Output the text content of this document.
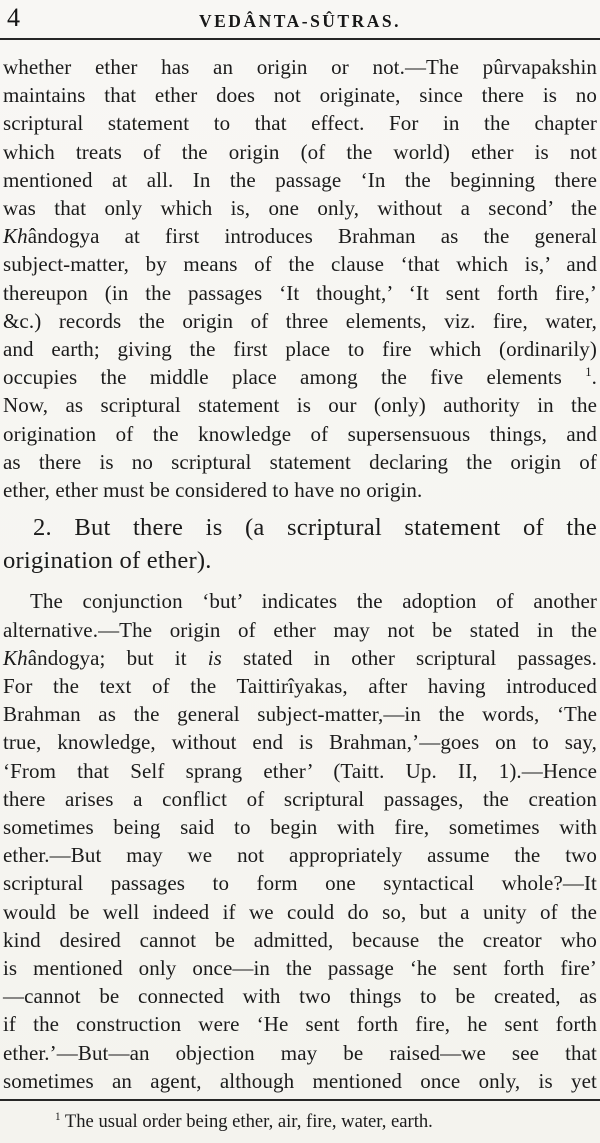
4	VEDÂNTA-SÛTRAS.
whether ether has an origin or not.—The pûrvapakshin
maintains that ether does not originate, since there is no
scriptural statement to that effect. For in the chapter
which treats of the origin (of the world) ether is not
mentioned at all. In the passage ‘In the beginning there
was that only which is, one only, without a second’ the
Khândogya at first introduces Brahman as the general
subject-matter, by means of the clause ‘that which is,’ and
thereupon (in the passages ‘It thought,’ ‘It sent forth fire,’
&c.) records the origin of three elements, viz. fire, water,
and earth; giving the first place to fire which (ordinarily)
occupies the middle place among the five elements $^1$.
Now, as scriptural statement is our (only) authority in the
origination of the knowledge of supersensuous things, and
as there is no scriptural statement declaring the origin of
ether, ether must be considered to have no origin.
2. But there is (a scriptural statement of the
origination of ether).
The conjunction ‘but’ indicates the adoption of another
alternative.—The origin of ether may not be stated in the
Khândogya; but it is stated in other scriptural passages.
For the text of the Taittirîyakas, after having introduced
Brahman as the general subject-matter,—in the words, ‘The
true, knowledge, without end is Brahman,’—goes on to say,
‘From that Self sprang ether’ (Taitt. Up. II, 1).—Hence
there arises a conflict of scriptural passages, the creation
sometimes being said to begin with fire, sometimes with
ether.—But may we not appropriately assume the two
scriptural passages to form one syntactical whole?—It
would be well indeed if we could do so, but a unity of the
kind desired cannot be admitted, because the creator who
is mentioned only once—in the passage ‘he sent forth fire’
—cannot be connected with two things to be created, as
if the construction were ‘He sent forth fire, he sent forth
ether.’—But—an objection may be raised—we see that
sometimes an agent, although mentioned once only, is yet
$^1$ The usual order being ether, air, fire, water, earth.
